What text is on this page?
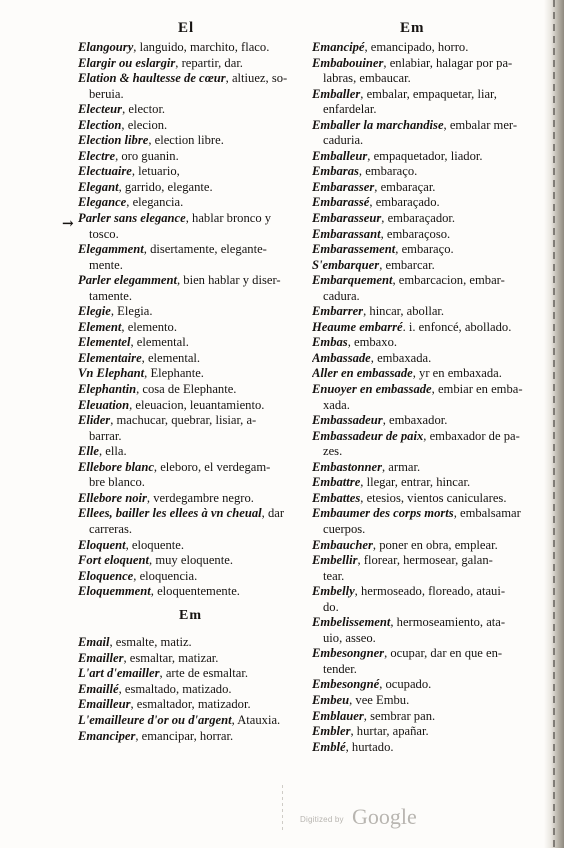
El	Em
→
Elangoury, languido, marchito, flaco.
Elargir ou eslargir, repartir, dar.
Elation & haultesse de cœur, altiuez, so-
beruia.
Electeur, elector.
Election, elecion.
Election libre, election libre.
Electre, oro guanin.
Electuaire, letuario,
Elegant, garrido, elegante.
Elegance, elegancia.
Parler sans elegance, hablar bronco y
tosco.
Elegamment, disertamente, elegante-
mente.
Parler elegamment, bien hablar y diser-
tamente.
Elegie, Elegia.
Element, elemento.
Elementel, elemental.
Elementaire, elemental.
Vn Elephant, Elephante.
Elephantin, cosa de Elephante.
Eleuation, eleuacion, leuantamiento.
Elider, machucar, quebrar, lisiar, a-
barrar.
Elle, ella.
Ellebore blanc, eleboro, el verdegam-
bre blanco.
Ellebore noir, verdegambre negro.
Ellees, bailler les ellees à vn cheual, dar
carreras.
Eloquent, eloquente.
Fort eloquent, muy eloquente.
Eloquence, eloquencia.
Eloquemment, eloquentemente.
Em
Email, esmalte, matiz.
Emailler, esmaltar, matizar.
L'art d'emailler, arte de esmaltar.
Emaillé, esmaltado, matizado.
Emailleur, esmaltador, matizador.
L'emailleure d'or ou d'argent, Atauxia.
Emanciper, emancipar, horrar.
Emancipé, emancipado, horro.
Embabouiner, enlabiar, halagar por pa-
labras, embaucar.
Emballer, embalar, empaquetar, liar,
enfardelar.
Emballer la marchandise, embalar mer-
caduria.
Emballeur, empaquetador, liador.
Embaras, embaraço.
Embarasser, embaraçar.
Embarassé, embaraçado.
Embarasseur, embaraçador.
Embarassant, embaraçoso.
Embarassement, embaraço.
S'embarquer, embarcar.
Embarquement, embarcacion, embar-
cadura.
Embarrer, hincar, abollar.
Heaume embarré. i. enfoncé, abollado.
Embas, embaxo.
Ambassade, embaxada.
Aller en embassade, yr en embaxada.
Enuoyer en embassade, embiar en emba-
xada.
Embassadeur, embaxador.
Embassadeur de paix, embaxador de pa-
zes.
Embastonner, armar.
Embattre, llegar, entrar, hincar.
Embattes, etesios, vientos caniculares.
Embaumer des corps morts, embalsamar
cuerpos.
Embaucher, poner en obra, emplear.
Embellir, florear, hermosear, galan-
tear.
Embelly, hermoseado, floreado, ataui-
do.
Embelissement, hermoseamiento, ata-
uio, asseo.
Embesongner, ocupar, dar en que en-
tender.
Embesongné, ocupado.
Embeu, vee Embu.
Emblauer, sembrar pan.
Embler, hurtar, apañar.
Emblé, hurtado.
Digitized by Google
